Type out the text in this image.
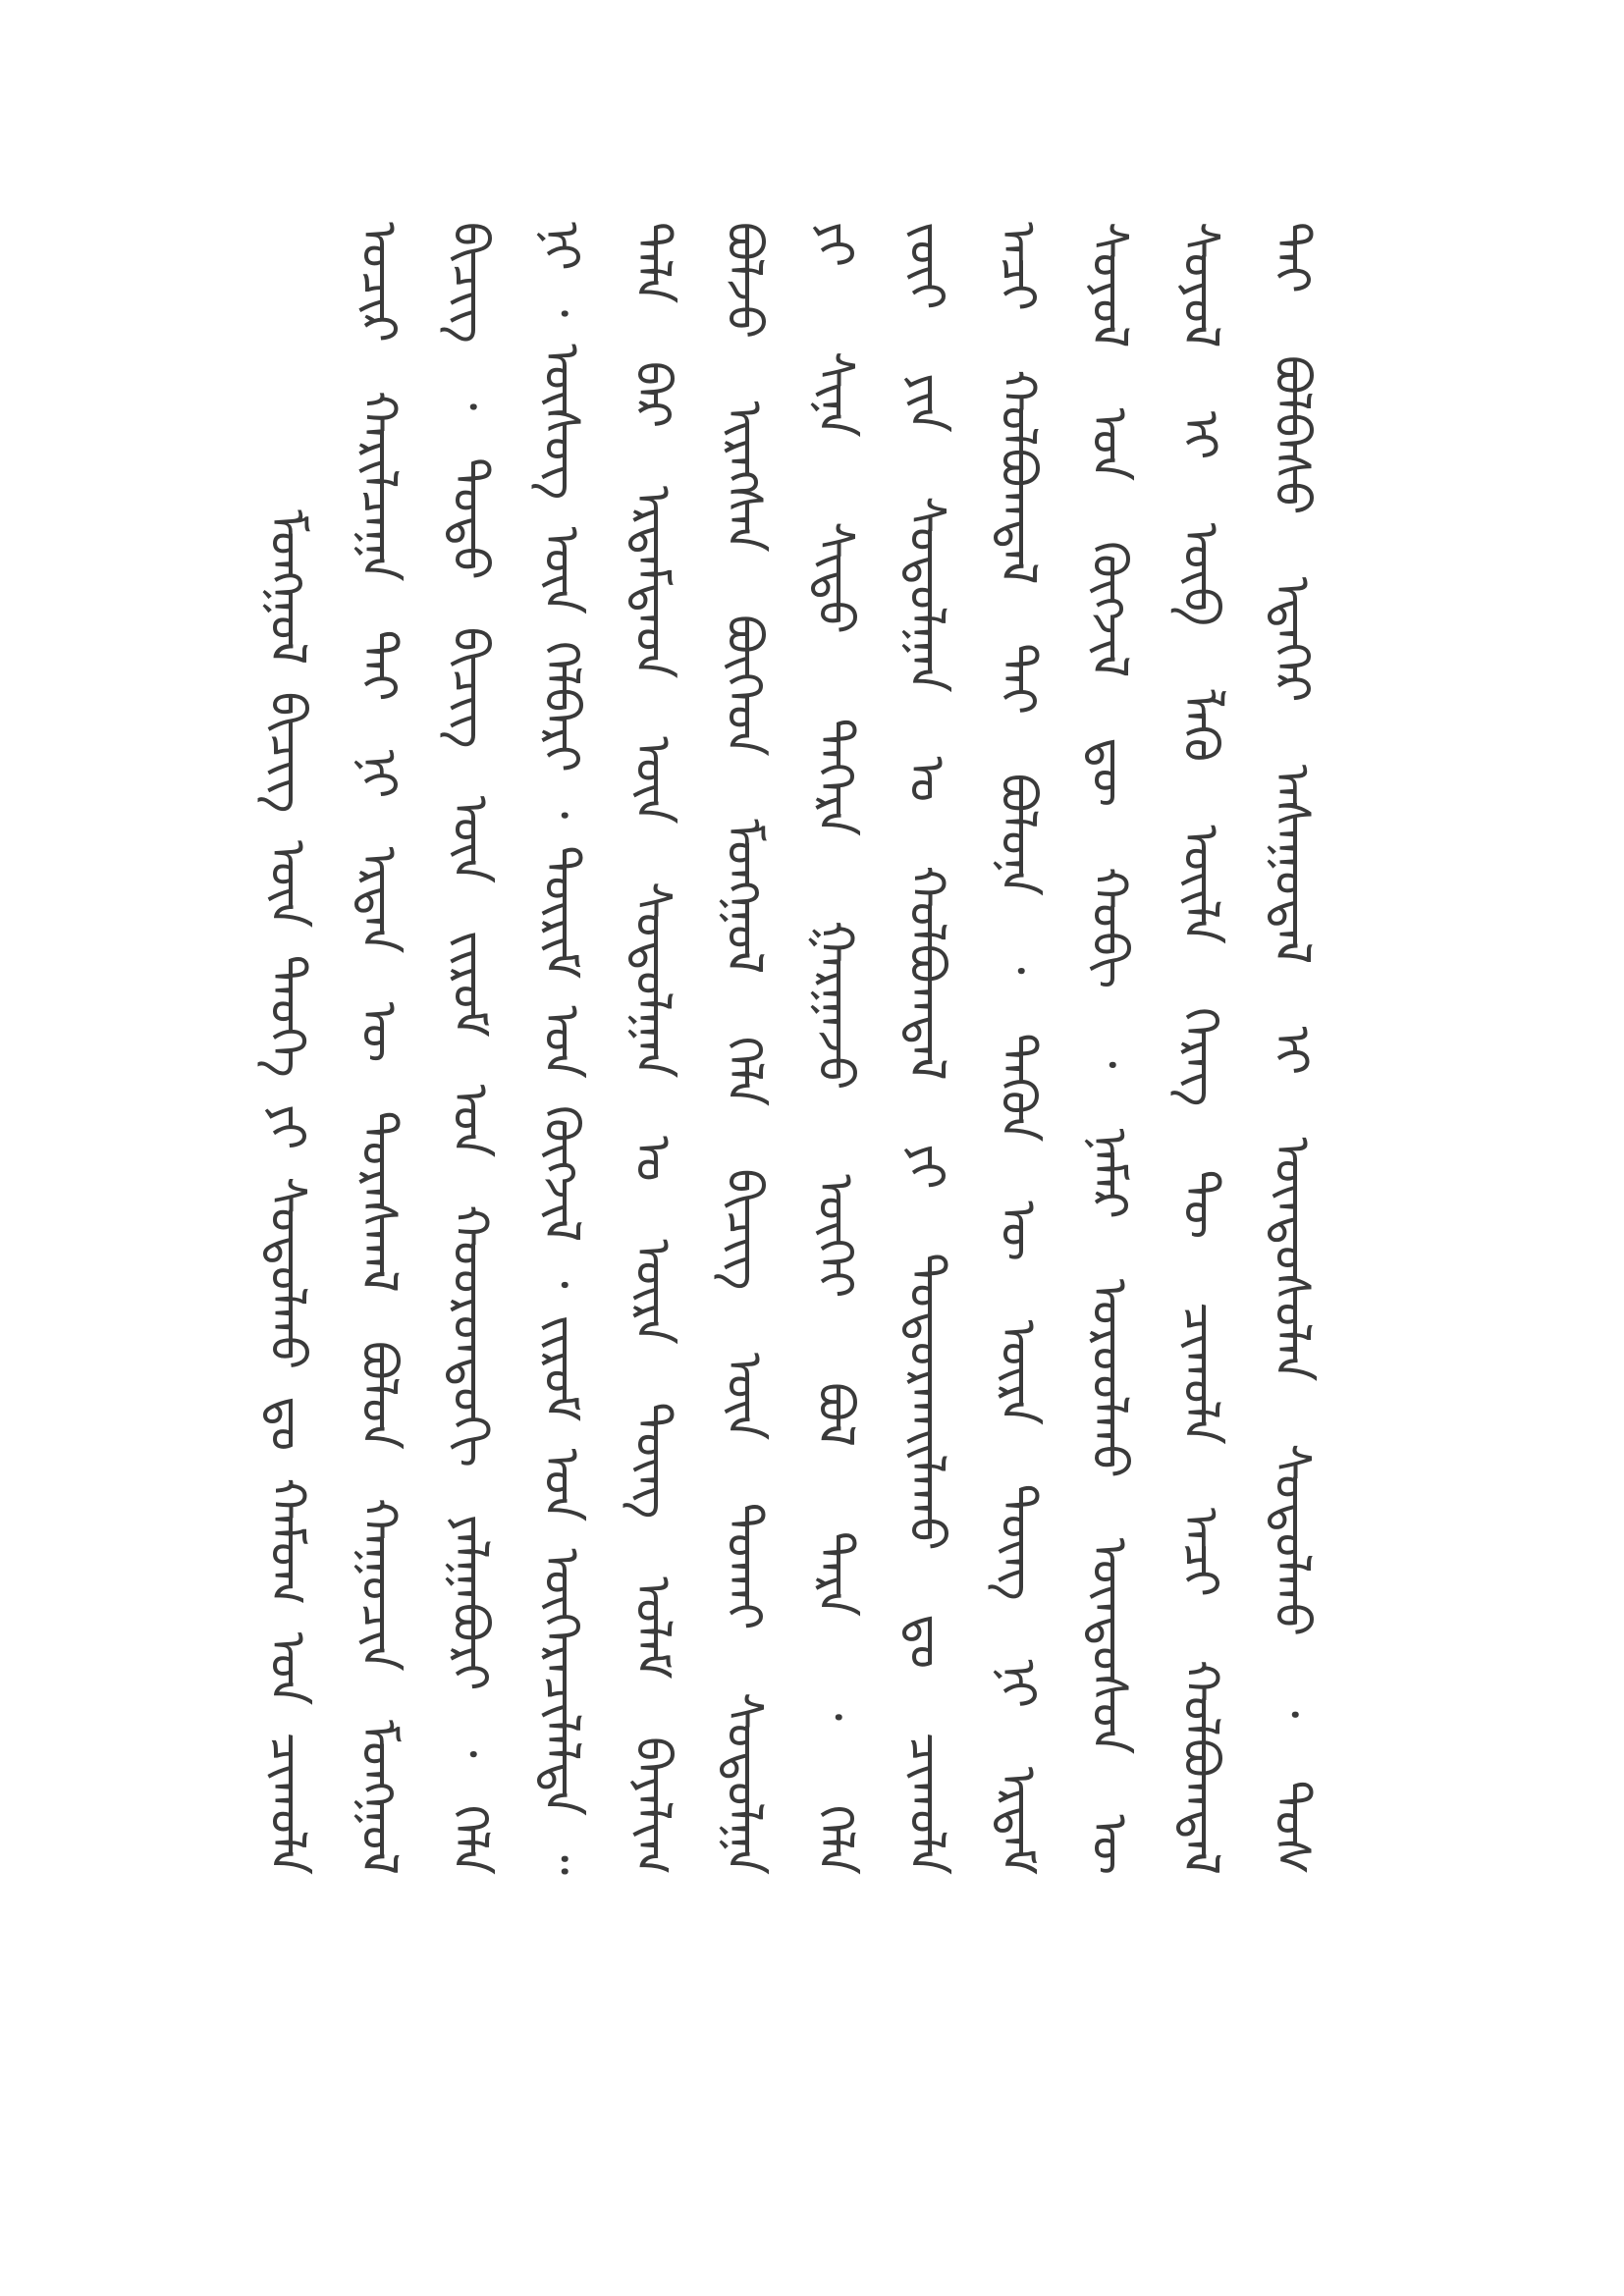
ᠮᠣᠩᠭᠣᠯ ᠪᠢᠴᠢᠭ ᠦᠨ ᠲᠡᠦᠬᠡ ᠶᠢ ᠰᠤᠳᠤᠯᠬᠤ ᠳᠤ ᠬᠠᠮᠤᠭ ᠤᠨ ᠴᠢᠬᠤᠯᠠ ᠤᠴᠢᠷ ᠬᠠᠷᠢᠯᠴᠠᠭᠠ ᠲᠠᠢ ᠨᠢ ᠡᠷᠲᠡᠨ ᠦ ᠳᠤᠷᠠᠰᠬᠠᠯ ᠪᠣᠯᠤᠨ ᠬᠠᠭᠤᠴᠢᠨ ᠮᠣᠩᠭᠣᠯ ᠪᠢᠴᠢᠭ ᠂ ᠲᠣᠳᠣ ᠪᠢᠴᠢᠭ ᠦᠨ ᠵᠢᠷᠤᠮ ᠤᠨ ᠬᠣᠣᠷᠤᠨᠳᠤᠬᠢ ᠶᠠᠯᠭᠠᠪᠤᠷᠢ ᠂ ᠬᠡᠯᠡ ᠨᠢ ᠂ ᠦᠰᠦᠭ ᠦᠨ ᠬᠡᠯᠪᠡᠷᠢ ᠂ ᠳᠦᠷᠢᠮ ᠤᠨ ᠬᠥᠭᠵᠢᠯ ᠂ ᠵᠢᠷᠤᠮ ᠤᠨ ᠥᠭᠡᠷᠡᠴᠢᠯᠡᠯᠲᠡ ᠃ ᠲᠠᠯᠠ ᠪᠠᠷ ᠡᠷᠳᠡᠮᠲᠡᠳ ᠦᠨ ᠰᠤᠳᠤᠯᠭᠠᠨ ᠤ ᠦᠷᠡ ᠳᠦᠩ ᠤᠯᠠᠮ ᠪᠠᠶᠠᠯᠢᠭ ᠪᠣᠯᠵᠤ ᠢᠷᠡᠭᠰᠡᠨ ᠪᠥᠭᠡᠳ ᠮᠣᠩᠭᠣᠯ ᠬᠡᠯᠡ ᠪᠢᠴᠢᠭ ᠦᠨ ᠲᠤᠬᠠᠢ ᠰᠤᠳᠤᠯᠭᠠ ᠶᠢ ᠰᠢᠨᠡ ᠰᠢᠲᠤ ᠳᠡᠭᠡᠷᠡ ᠭᠠᠷᠭᠠᠵᠤ ᠦᠭᠡᠢ ᠪᠣᠯ ᠲᠡᠷᠡ ᠂ ᠬᠡᠯᠡ ᠵᠦᠢ ᠶᠢᠨ ᠰᠤᠳᠤᠯᠭᠠᠨ ᠤ ᠬᠣᠯᠪᠣᠭᠳᠠᠯ ᠶᠢ ᠲᠣᠳᠣᠷᠬᠠᠢᠯᠠᠬᠤ ᠳᠤ ᠴᠢᠬᠤᠯᠠ ᠠᠴᠢ ᠬᠣᠯᠪᠣᠭᠳᠠᠯ ᠲᠠᠢ ᠪᠣᠯᠤᠨᠠ ᠂ ᠲᠡᠭᠦᠨ ᠦ ᠦᠷᠡ ᠳᠦᠩ ᠨᠢ ᠡᠷᠳᠡᠮ ᠰᠣᠶᠣᠯ ᠤᠨ ᠬᠥᠭᠵᠢᠯ ᠳᠦ ᠬᠤᠪᠢ ᠂ ᠨᠡᠮᠡᠷ ᠣᠷᠤᠤᠯᠬᠤ ᠦᠨᠳᠦᠰᠦᠨ ᠦ ᠰᠣᠶᠣᠯ ᠢ ᠥᠪ ᠯᠡᠬᠦ ᠦᠢᠯᠡ ᠬᠡᠷᠡᠭ ᠲᠦ ᠴᠢᠬᠤᠯᠠ ᠠᠴᠢ ᠬᠣᠯᠪᠣᠭᠳᠠᠯ ᠲᠠᠢ ᠪᠣᠯᠪᠠᠰᠤ ᠡᠳᠡᠭᠡᠷ ᠠᠰᠠᠭᠤᠳᠠᠯ ᠢ ᠦᠨᠳᠦᠰᠦᠯᠡᠨ ᠰᠤᠳᠤᠯᠬᠤ ᠂ ᠲᠤᠰ
